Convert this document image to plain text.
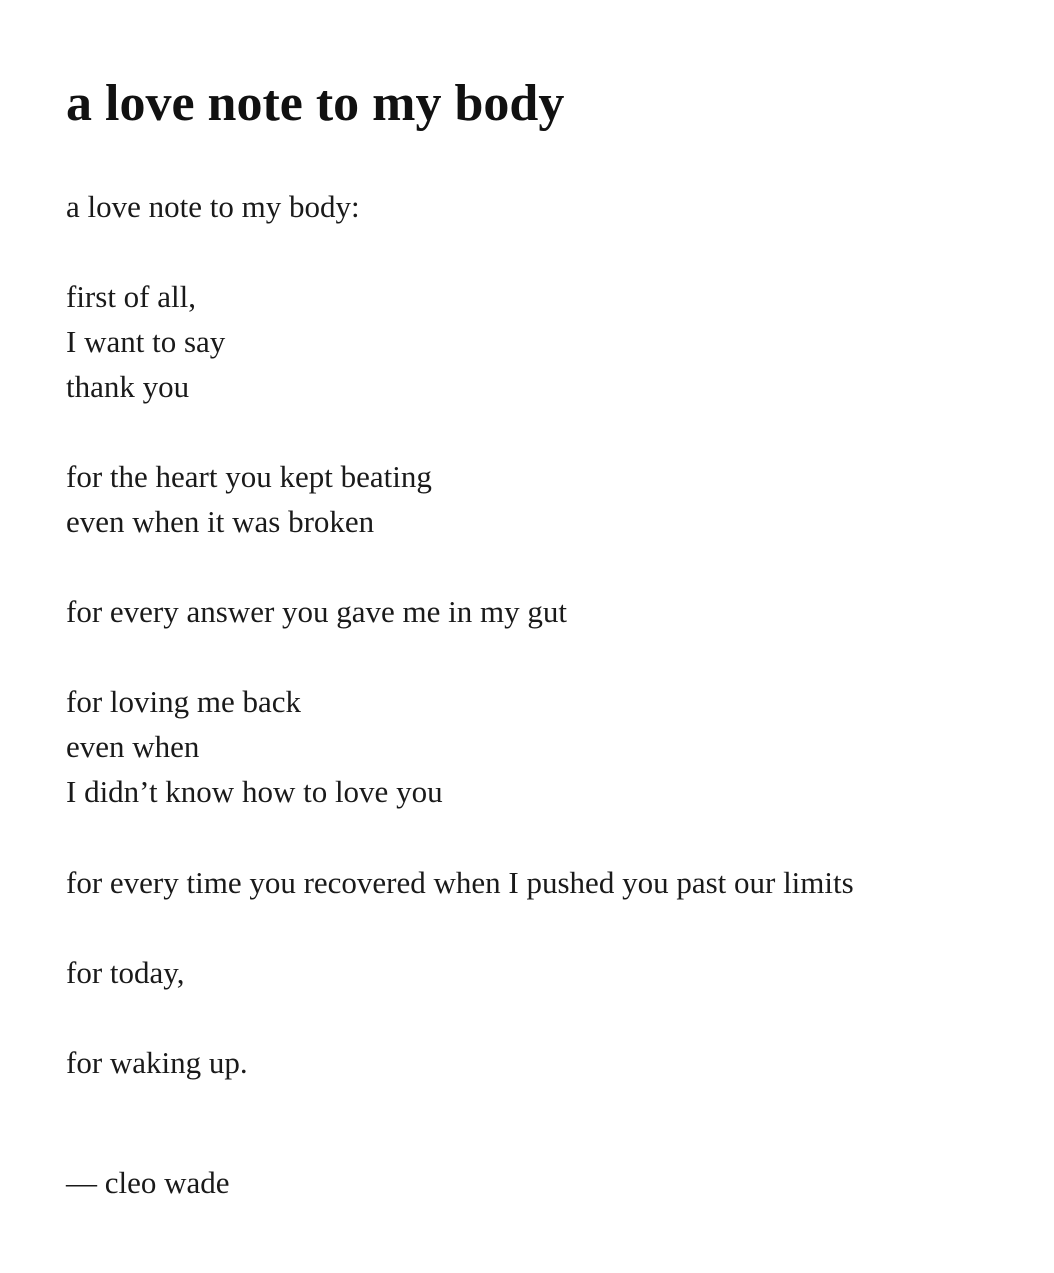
a love note to my body

a love note to my body:

first of all,
I want to say
thank you

for the heart you kept beating
even when it was broken

for every answer you gave me in my gut

for loving me back
even when
I didn’t know how to love you

for every time you recovered when I pushed you past our limits

for today,

for waking up.

— cleo wade
